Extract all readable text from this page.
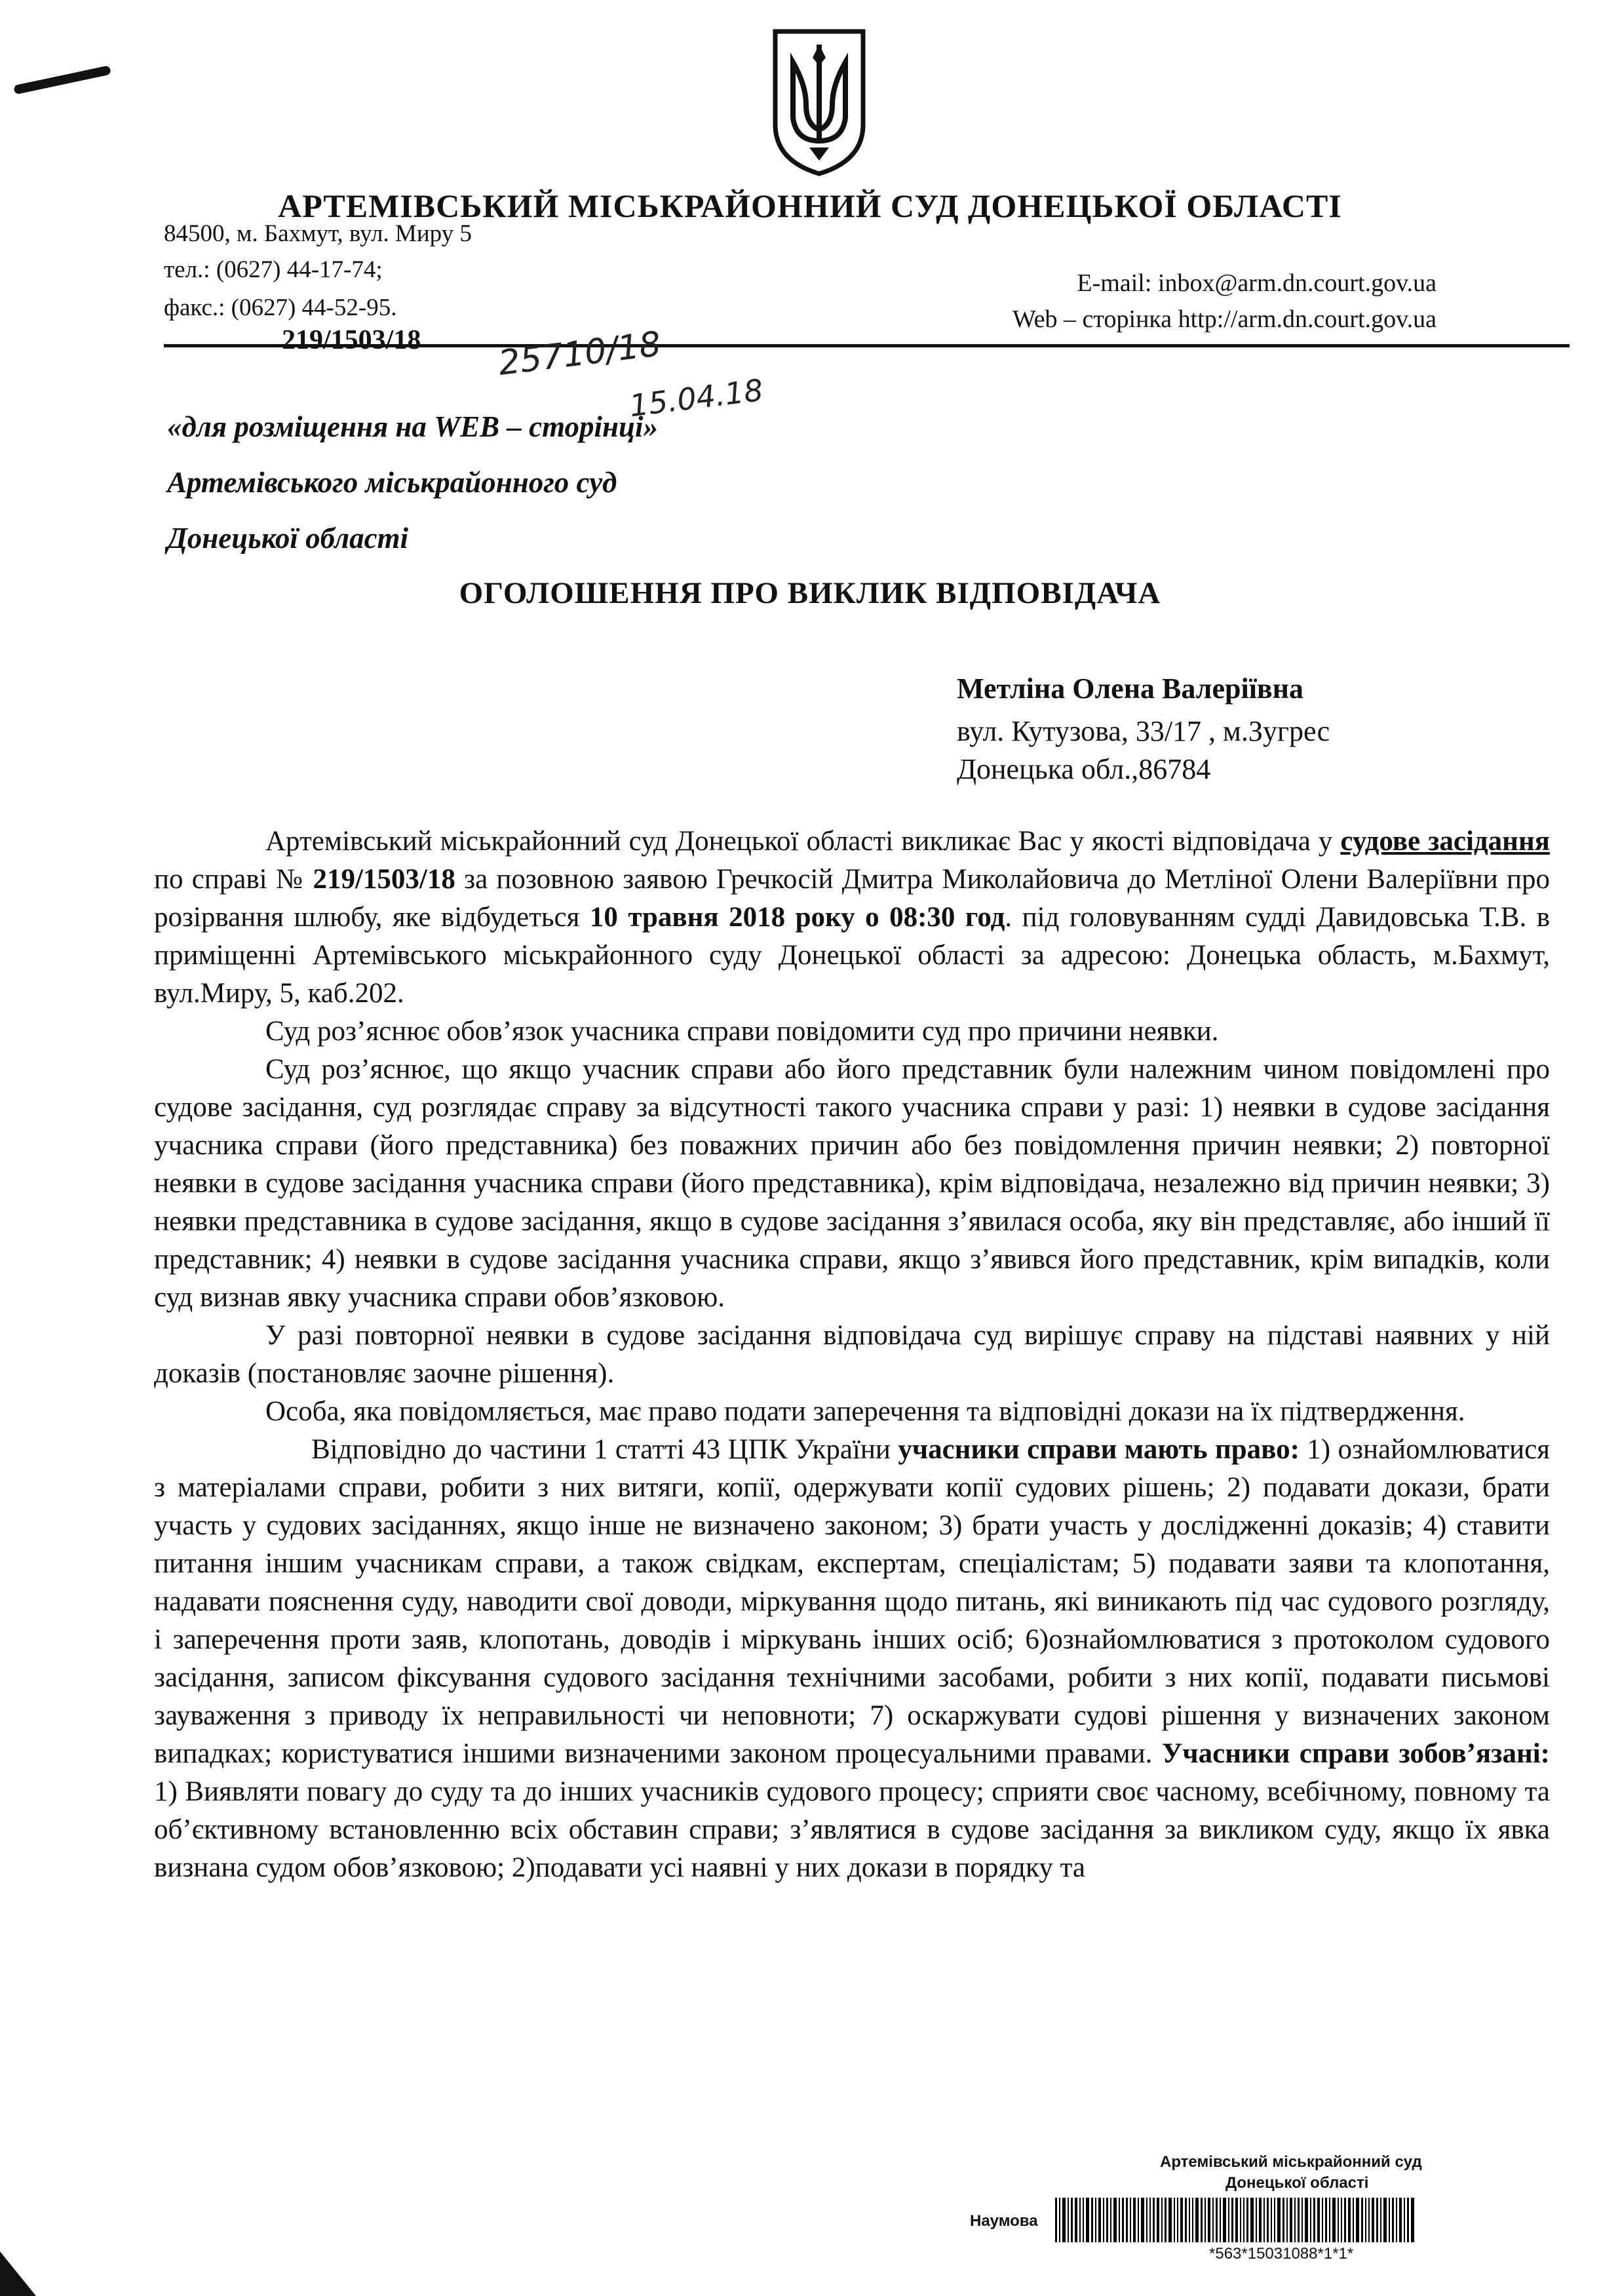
АРТЕМІВСЬКИЙ МІСЬКРАЙОННИЙ СУД ДОНЕЦЬКОЇ ОБЛАСТІ
84500, м. Бахмут, вул. Миру 5
тел.: (0627) 44-17-74;
факс.: (0627) 44-52-95.
E-mail: inbox@arm.dn.court.gov.ua
Web – сторінка http://arm.dn.court.gov.ua
219/1503/18 25710/18
15.04.18
«для розміщення на WEB – сторінці»
Артемівського міськрайонного суд
Донецької області
ОГОЛОШЕННЯ ПРО ВИКЛИК ВІДПОВІДАЧА
Метліна Олена Валеріївна
вул. Кутузова, 33/17 , м.Зугрес
Донецька обл.,86784

Артемівський міськрайонний суд Донецької області викликає Вас у якості відповідача у судове засідання по справі № 219/1503/18 за позовною заявою Гречкосій Дмитра Миколайовича до Метліної Олени Валеріївни про розірвання шлюбу, яке відбудеться 10 травня 2018 року о 08:30 год. під головуванням судді Давидовська Т.В. в приміщенні Артемівського міськрайонного суду Донецької області за адресою: Донецька область, м.Бахмут, вул.Миру, 5, каб.202.

Суд роз’яснює обов’язок учасника справи повідомити суд про причини неявки.

Суд роз’яснює, що якщо учасник справи або його представник були належним чином повідомлені про судове засідання, суд розглядає справу за відсутності такого учасника справи у разі: 1) неявки в судове засідання учасника справи (його представника) без поважних причин або без повідомлення причин неявки; 2) повторної неявки в судове засідання учасника справи (його представника), крім відповідача, незалежно від причин неявки; 3) неявки представника в судове засідання, якщо в судове засідання з’явилася особа, яку він представляє, або інший її представник; 4) неявки в судове засідання учасника справи, якщо з’явився його представник, крім випадків, коли суд визнав явку учасника справи обов’язковою.

У разі повторної неявки в судове засідання відповідача суд вирішує справу на підставі наявних у ній доказів (постановляє заочне рішення).

Особа, яка повідомляється, має право подати заперечення та відповідні докази на їх підтвердження.

Відповідно до частини 1 статті 43 ЦПК України учасники справи мають право: 1) ознайомлюватися з матеріалами справи, робити з них витяги, копії, одержувати копії судових рішень; 2) подавати докази, брати участь у судових засіданнях, якщо інше не визначено законом; 3) брати участь у дослідженні доказів; 4) ставити питання іншим учасникам справи, а також свідкам, експертам, спеціалістам; 5) подавати заяви та клопотання, надавати пояснення суду, наводити свої доводи, міркування щодо питань, які виникають під час судового розгляду, і заперечення проти заяв, клопотань, доводів і міркувань інших осіб; 6)ознайомлюватися з протоколом судового засідання, записом фіксування судового засідання технічними засобами, робити з них копії, подавати письмові зауваження з приводу їх неправильності чи неповноти; 7) оскаржувати судові рішення у визначених законом випадках; користуватися іншими визначеними законом процесуальними правами. Учасники справи зобов’язані: 1) Виявляти повагу до суду та до інших учасників судового процесу; сприяти своє часному, всебічному, повному та об’єктивному встановленню всіх обставин справи; з’являтися в судове засідання за викликом суду, якщо їх явка визнана судом обов’язковою; 2)подавати усі наявні у них докази в порядку та

Артемівський міськрайонний суд
Донецької області
Наумова
*563*15031088*1*1*
